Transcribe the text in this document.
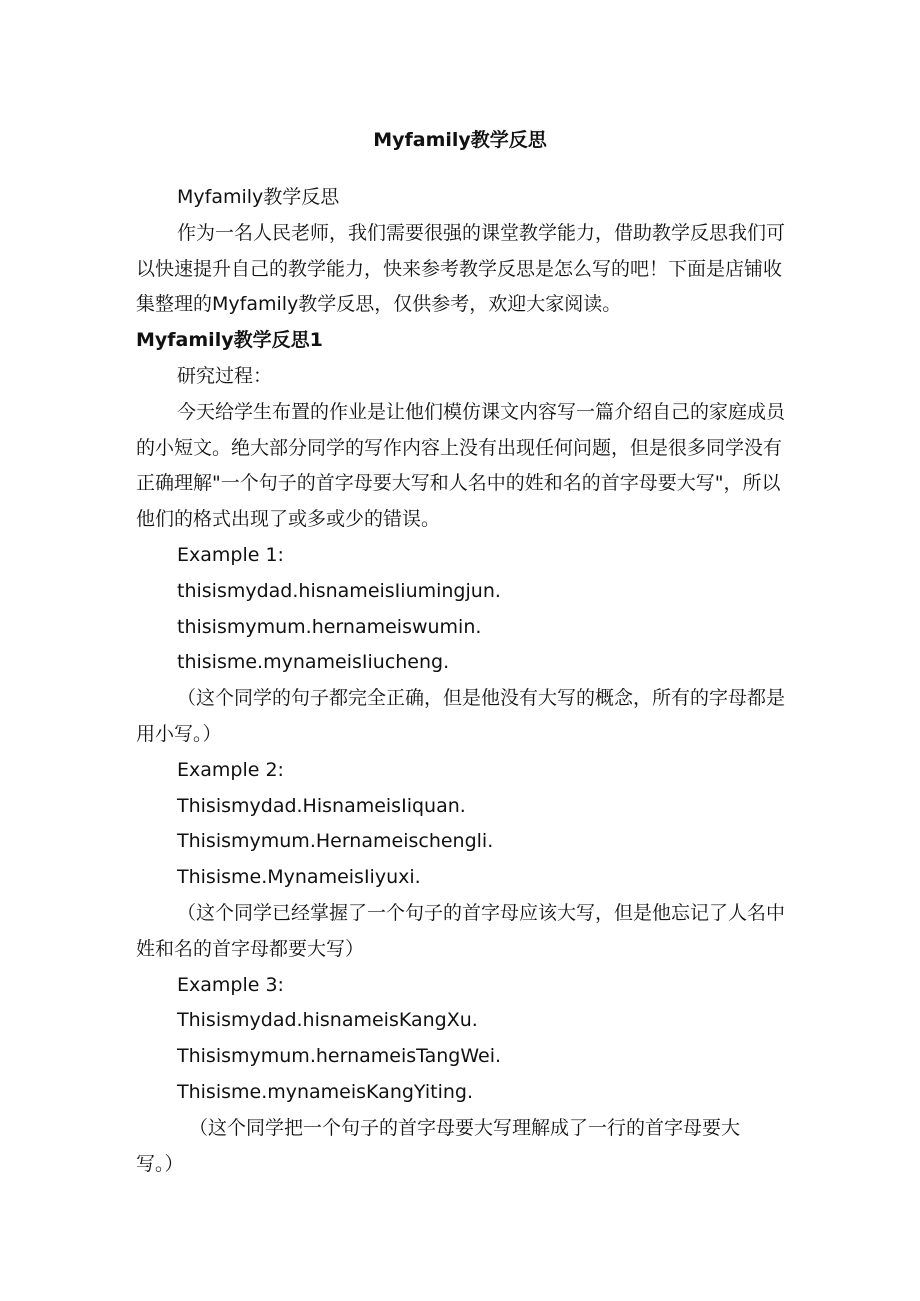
Myfamily教学反思

Myfamily教学反思

作为一名人民老师，我们需要很强的课堂教学能力，借助教学反思我们可以快速提升自己的教学能力，快来参考教学反思是怎么写的吧！下面是店铺收集整理的Myfamily教学反思，仅供参考，欢迎大家阅读。

Myfamily教学反思1

研究过程：

今天给学生布置的作业是让他们模仿课文内容写一篇介绍自己的家庭成员的小短文。绝大部分同学的写作内容上没有出现任何问题，但是很多同学没有正确理解"一个句子的首字母要大写和人名中的姓和名的首字母要大写"，所以他们的格式出现了或多或少的错误。

Example 1:

thisismydad.hisnameisIiumingjun.

thisismymum.hernameiswumin.

thisisme.mynameisIiucheng.

（这个同学的句子都完全正确，但是他没有大写的概念，所有的字母都是用小写。）

Example 2:

Thisismydad.HisnameisIiquan.

Thisismymum.Hernameischengli.

Thisisme.MynameisIiyuxi.

（这个同学已经掌握了一个句子的首字母应该大写，但是他忘记了人名中姓和名的首字母都要大写）

Example 3:

Thisismydad.hisnameisKangXu.

Thisismymum.hernameisTangWei.

Thisisme.mynameisKangYiting.

（这个同学把一个句子的首字母要大写理解成了一行的首字母要大写。）
